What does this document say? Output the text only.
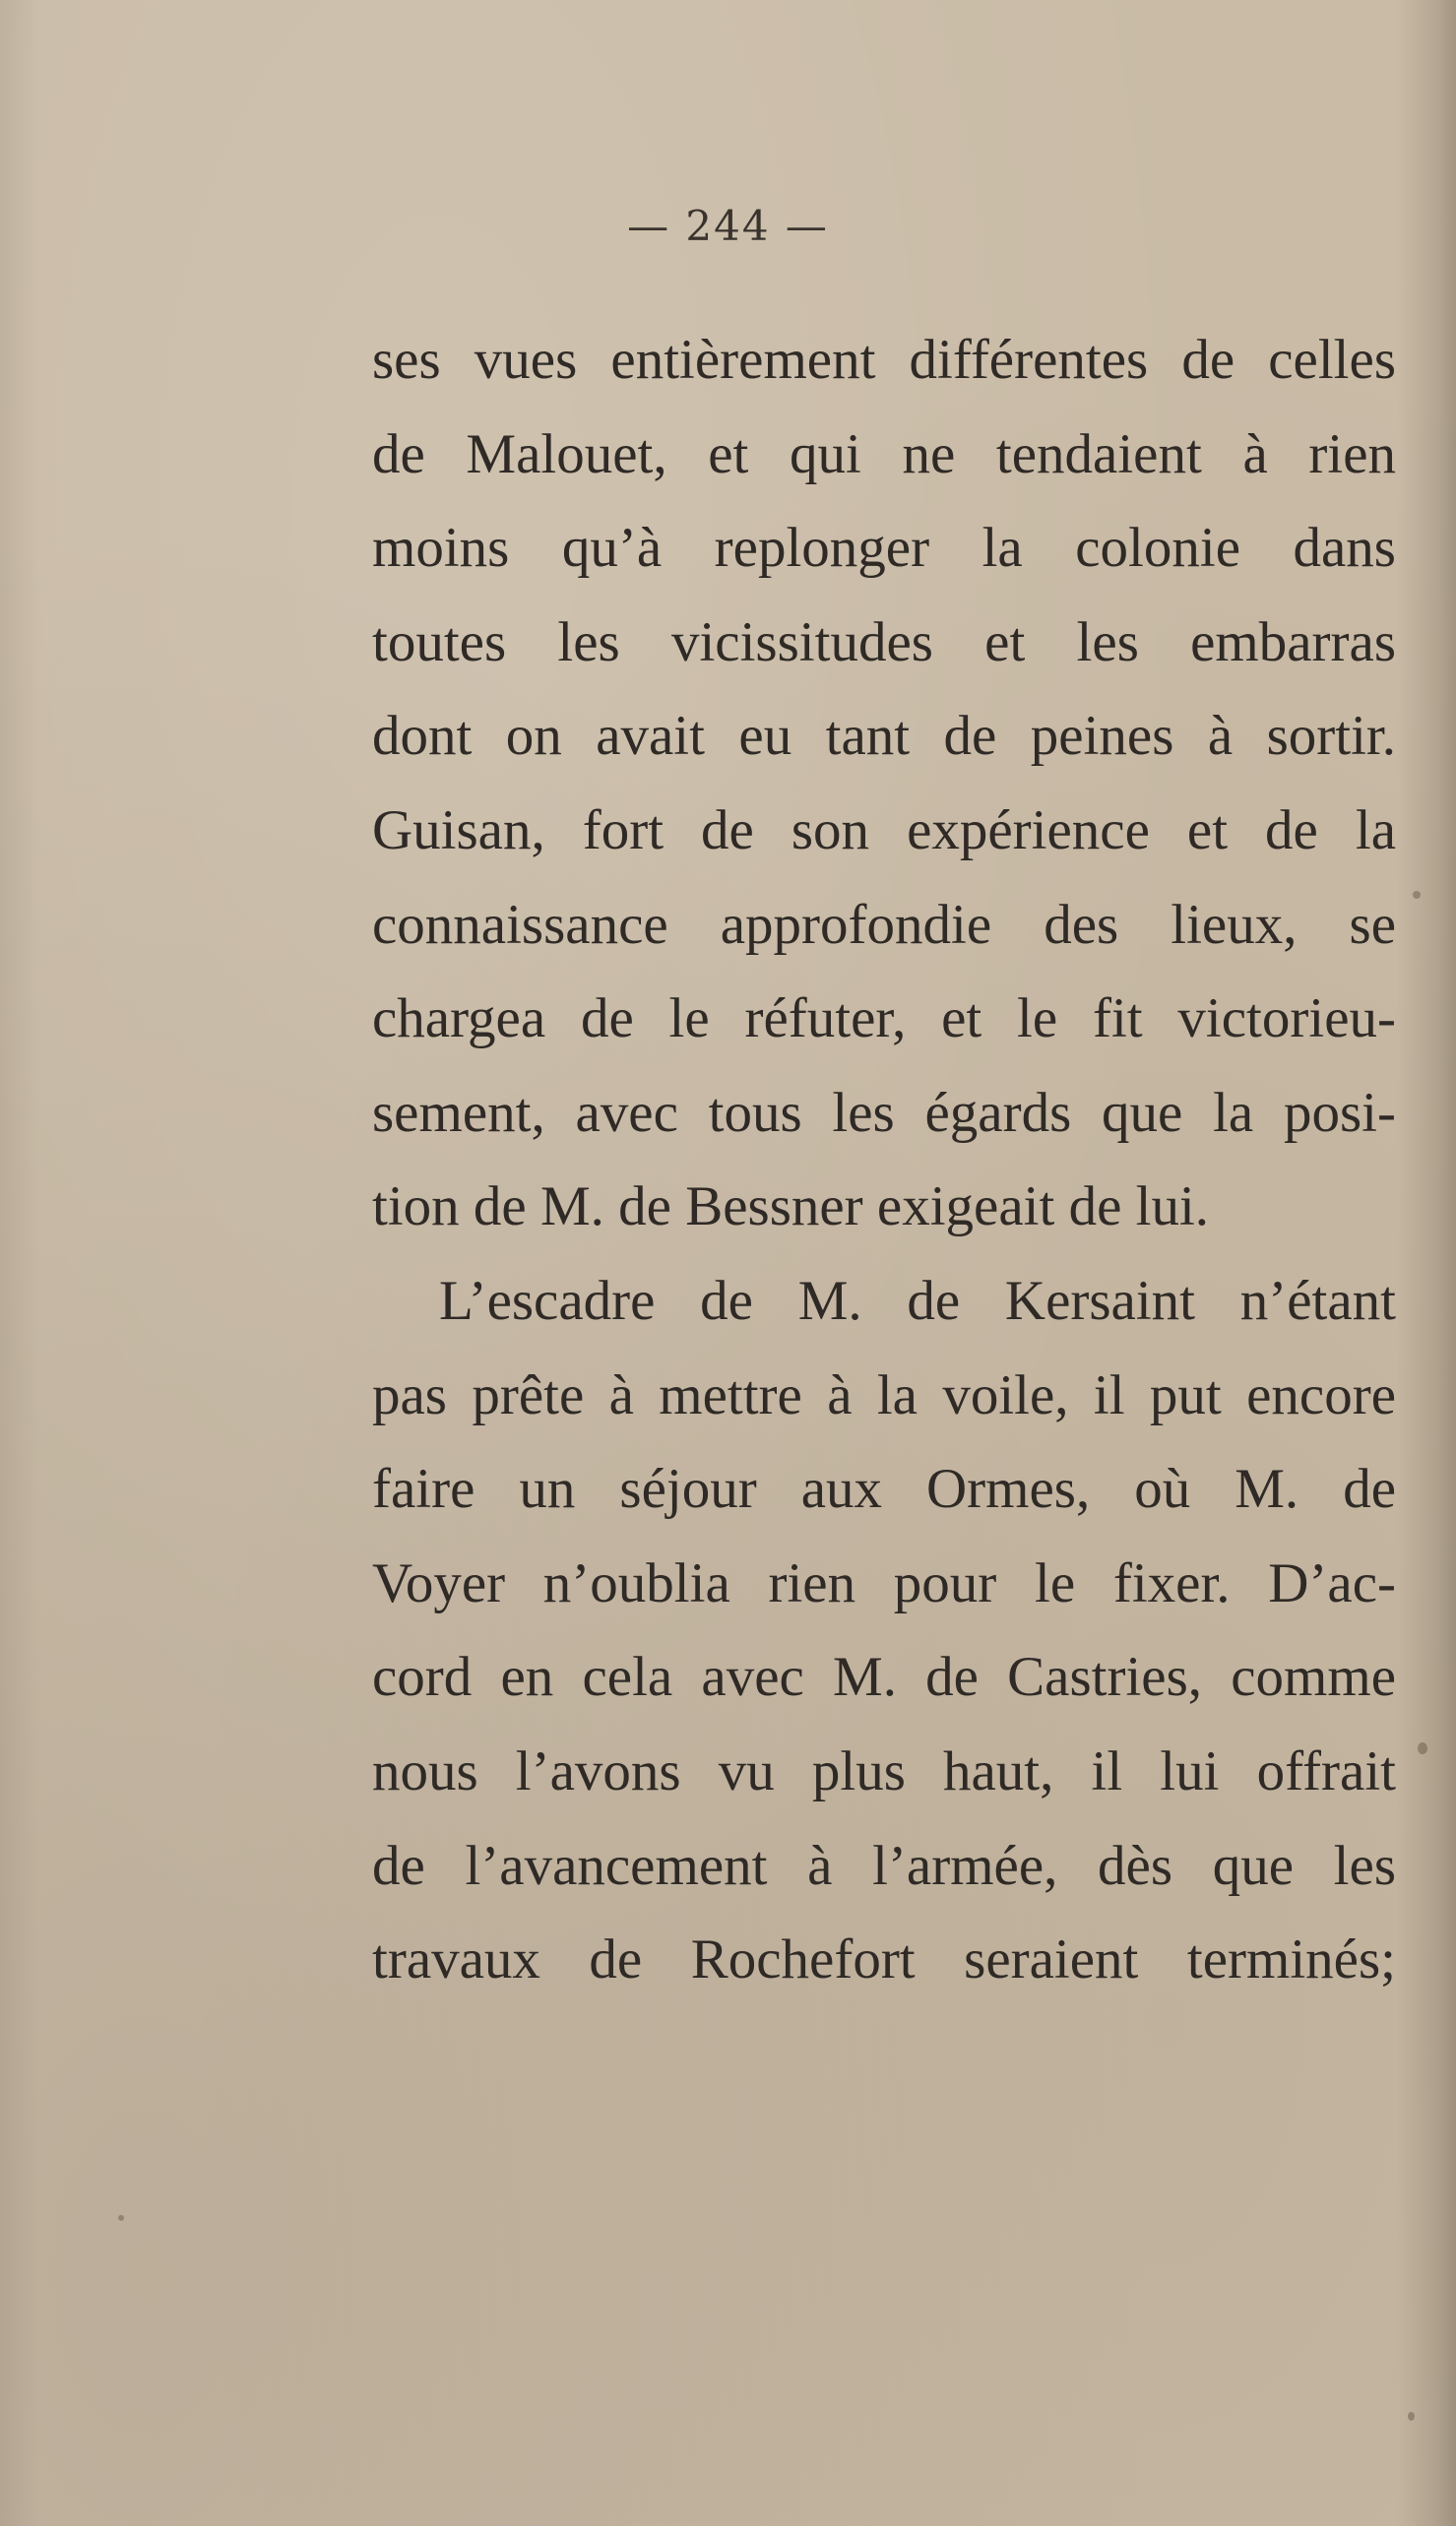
— 244 —
ses vues entièrement différentes de celles
de Malouet, et qui ne tendaient à rien
moins qu’à replonger la colonie dans
toutes les vicissitudes et les embarras
dont on avait eu tant de peines à sortir.
Guisan, fort de son expérience et de la
connaissance approfondie des lieux, se
chargea de le réfuter, et le fit victorieu-
sement, avec tous les égards que la posi-
tion de M. de Bessner exigeait de lui.
L’escadre de M. de Kersaint n’étant
pas prête à mettre à la voile, il put encore
faire un séjour aux Ormes, où M. de
Voyer n’oublia rien pour le fixer. D’ac-
cord en cela avec M. de Castries, comme
nous l’avons vu plus haut, il lui offrait
de l’avancement à l’armée, dès que les
travaux de Rochefort seraient terminés;
